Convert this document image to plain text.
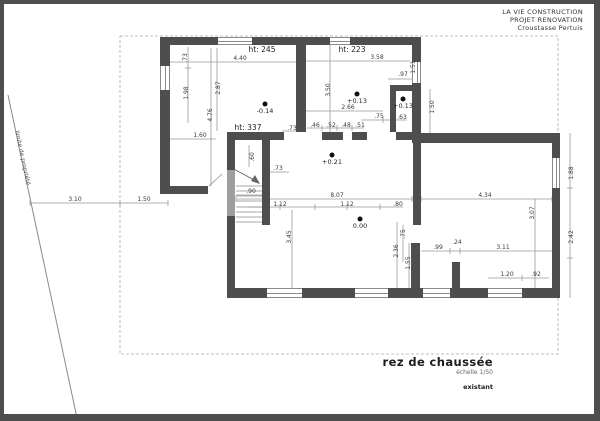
3.10	1.50
4.40	3.58
1.60
.97
2.66
.75 .63
.46 .52 .48 .51
.73
.73
.90
8.07
1.12	1.12	.80
4.34
.99
.24
3.11
1.20	.92
.73
1.98	2.87
4.76
3.50
1.51
1.50
.60
3.45
3.07
1.88
2.42
.75
2.36
1.55
ht: 245	ht: 223
ht: 337
-0.14
+0.13
+0.13
+0.21
0.00
limite de propriété
LA VIE CONSTRUCTION
PROJET RENOVATION
Croustasse Pertuis
rez de chaussée
échelle 1/50
existant
